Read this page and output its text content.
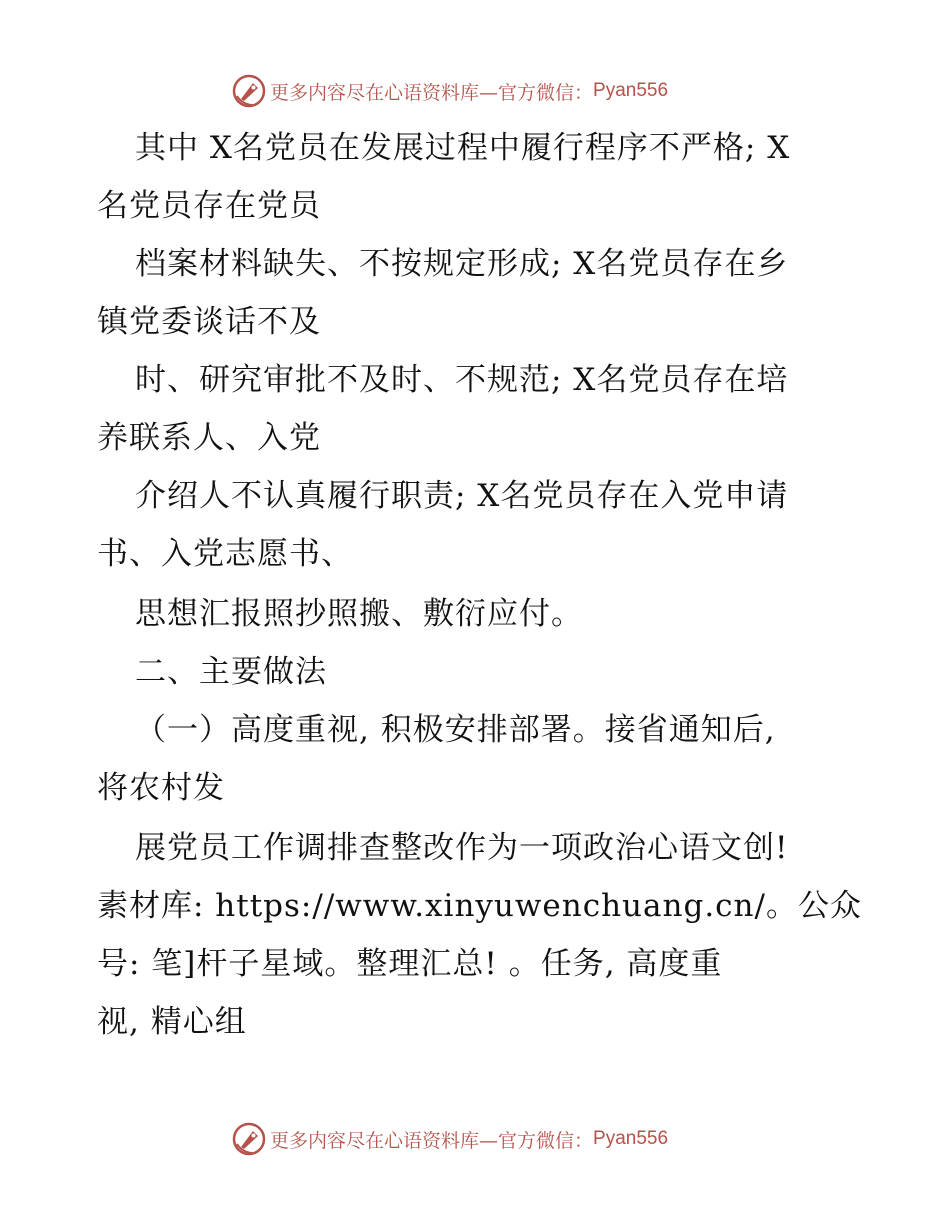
更多内容尽在心语资料库—官方微信： Pyan556
其中 X名党员在发展过程中履行程序不严格; X
名党员存在党员
档案材料缺失、不按规定形成; X名党员存在乡
镇党委谈话不及
时、研究审批不及时、不规范; X名党员存在培
养联系人、入党
介绍人不认真履行职责; X名党员存在入党申请
书、入党志愿书、
思想汇报照抄照搬、敷衍应付。
二、主要做法
（一）高度重视, 积极安排部署。接省通知后,
将农村发
展党员工作调排查整改作为一项政治心语文创!
素材库: https://www.xinyuwenchuang.cn/。公众
号: 笔]杆子星域。整理汇总! 。任务, 高度重
视, 精心组
更多内容尽在心语资料库—官方微信： Pyan556
